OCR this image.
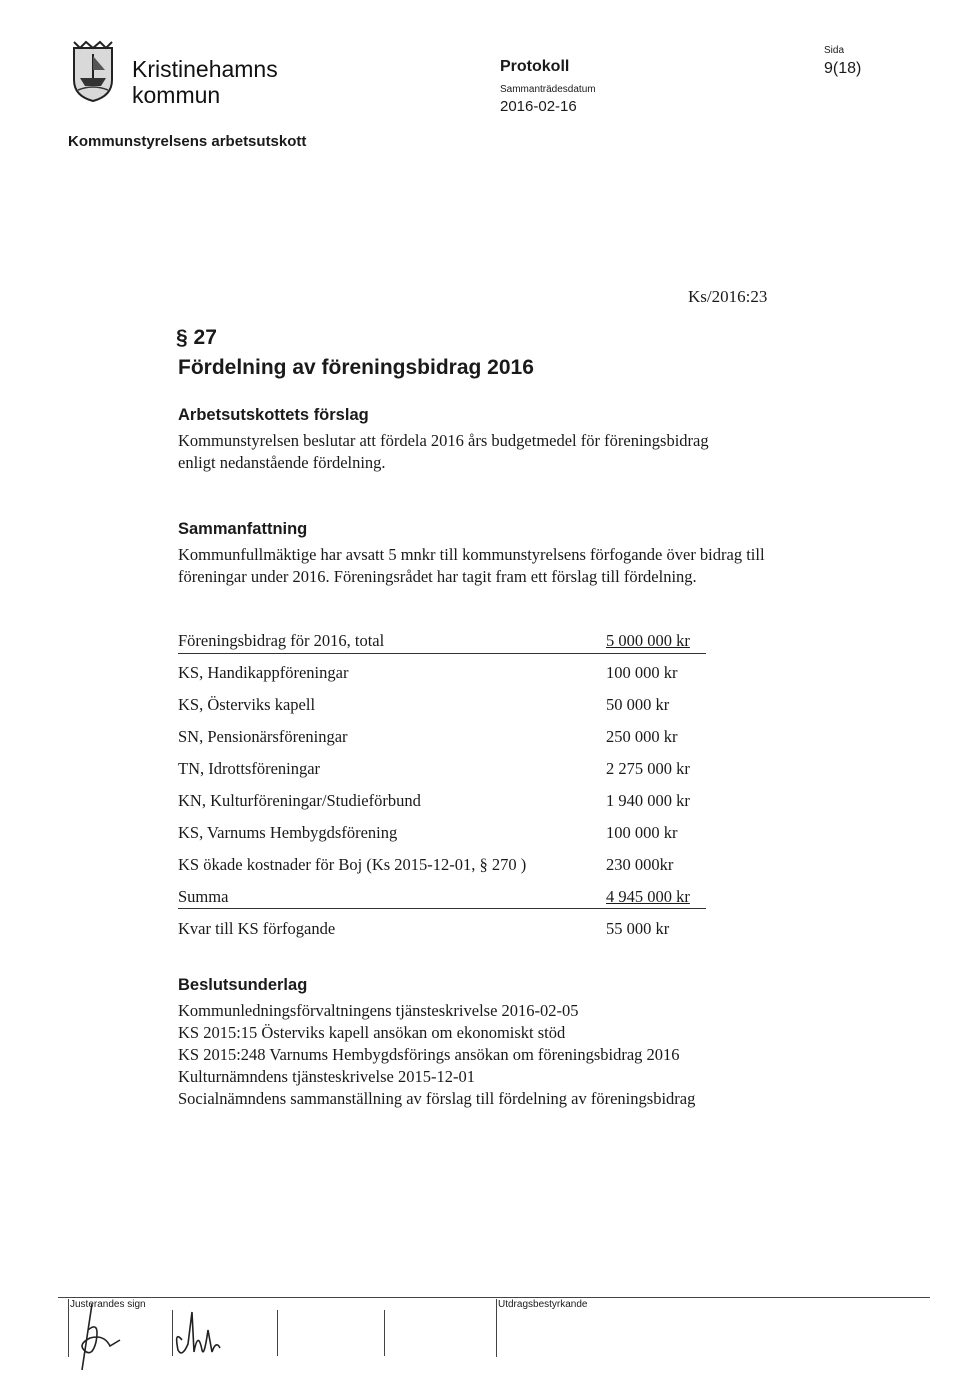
Kristinehamns
kommun
Protokoll
Sammanträdesdatum
2016-02-16
Sida
9(18)
Kommunstyrelsens arbetsutskott
Ks/2016:23
§ 27
Fördelning av föreningsbidrag 2016
Arbetsutskottets förslag

Kommunstyrelsen beslutar att fördela 2016 års budgetmedel för föreningsbidrag enligt nedanstående fördelning.

Sammanfattning

Kommunfullmäktige har avsatt 5 mnkr till kommunstyrelsens förfogande över bidrag till föreningar under 2016. Föreningsrådet har tagit fram ett förslag till fördelning.

Föreningsbidrag för 2016, total	5 000 000 kr
KS, Handikappföreningar	100 000 kr
KS, Österviks kapell	50 000 kr
SN, Pensionärsföreningar	250 000 kr
TN, Idrottsföreningar	2 275 000 kr
KN, Kulturföreningar/Studieförbund	1 940 000 kr
KS, Varnums Hembygdsförening	100 000 kr
KS ökade kostnader för Boj (Ks 2015-12-01, § 270 )	230 000kr
Summa	4 945 000 kr
Kvar till KS förfogande	55 000 kr
Beslutsunderlag
Kommunledningsförvaltningens tjänsteskrivelse 2016-02-05
KS 2015:15 Österviks kapell ansökan om ekonomiskt stöd
KS 2015:248 Varnums Hembygdsförings ansökan om föreningsbidrag 2016
Kulturnämndens tjänsteskrivelse 2015-12-01
Socialnämndens sammanställning av förslag till fördelning av föreningsbidrag
Justerandes sign	Utdragsbestyrkande
